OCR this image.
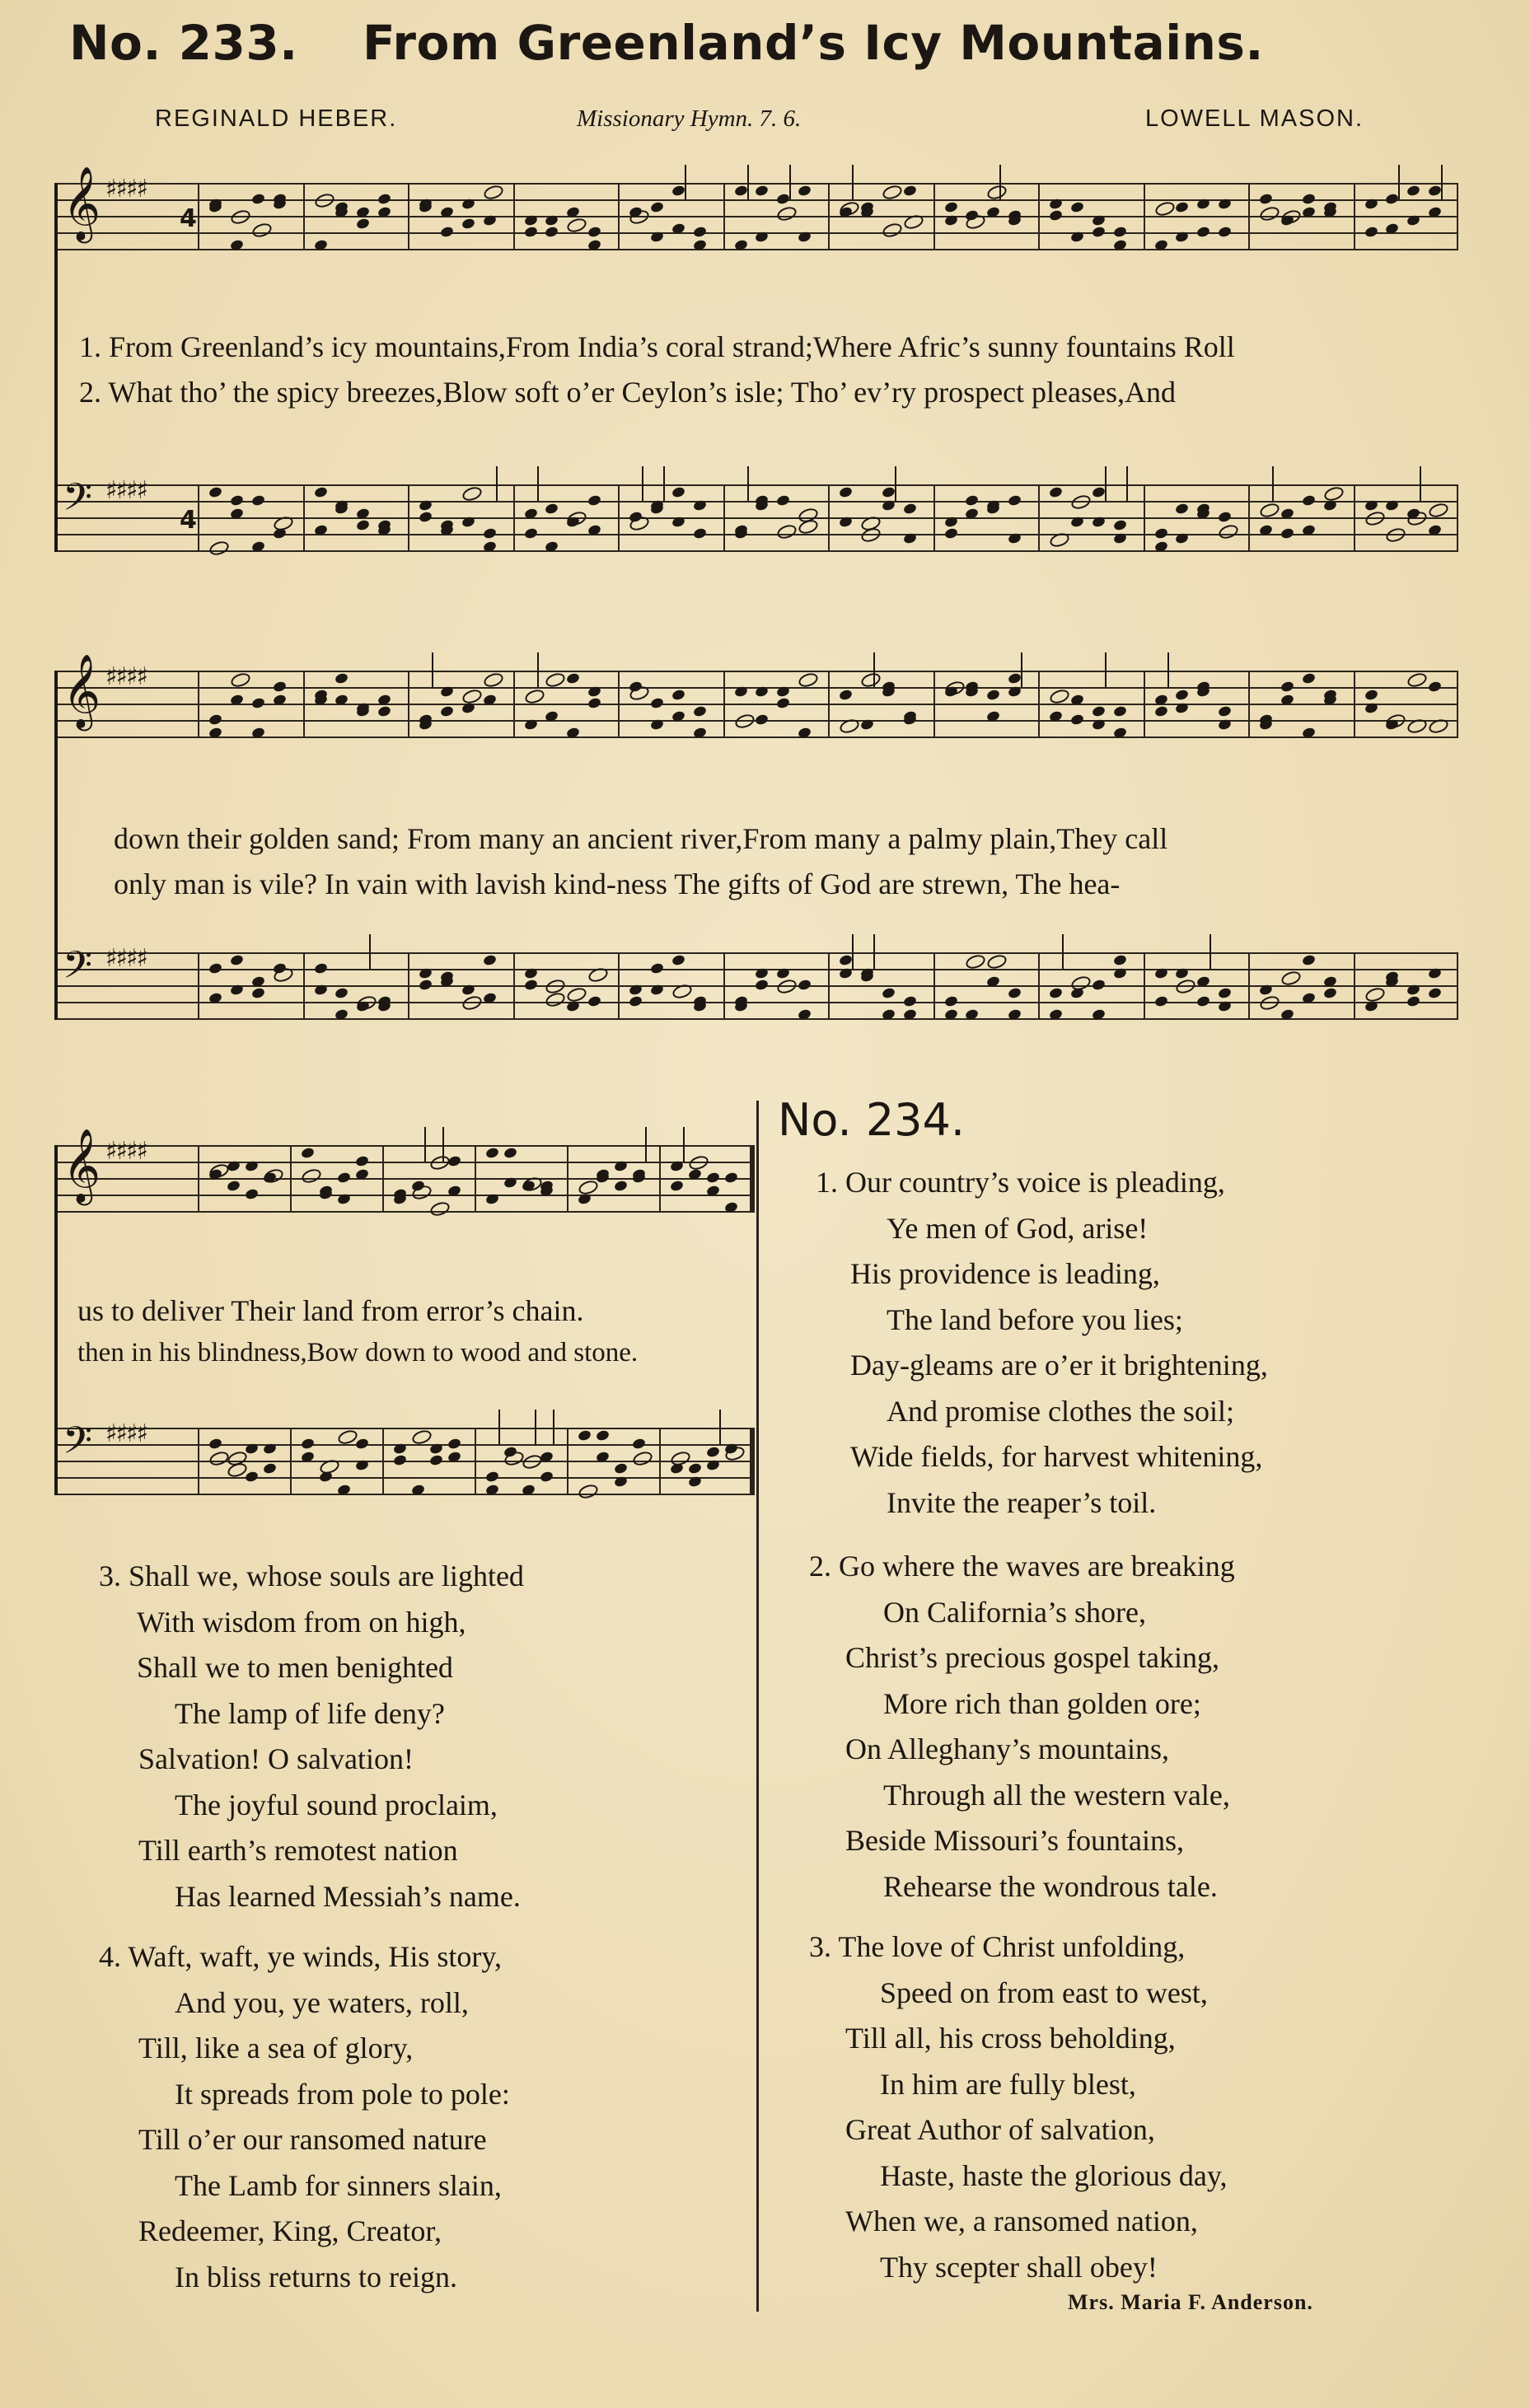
No. 233. From Greenland’s Icy Mountains.
REGINALD HEBER.	Missionary Hymn. 7. 6.	LOWELL MASON.
𝄞 ♯♯♯♯
4
𝄢 ♯♯♯♯
4
𝄞 ♯♯♯♯
𝄢 ♯♯♯♯
𝄞 ♯♯♯♯
𝄢 ♯♯♯♯
1. From Greenland’s icy mountains,From India’s coral strand;Where Afric’s sunny fountains Roll
2. What tho’ the spicy breezes,Blow soft o’er Ceylon’s isle; Tho’ ev’ry prospect pleases,And
down their golden sand; From many an ancient river,From many a palmy plain,They call
only man is vile? In vain with lavish kind-ness The gifts of God are strewn, The hea-
us to deliver Their land from error’s chain.
then in his blindness,Bow down to wood and stone.
3. Shall we, whose souls are lighted
With wisdom from on high,
Shall we to men benighted
The lamp of life deny?
Salvation! O salvation!
The joyful sound proclaim,
Till earth’s remotest nation
Has learned Messiah’s name.
4. Waft, waft, ye winds, His story,
And you, ye waters, roll,
Till, like a sea of glory,
It spreads from pole to pole:
Till o’er our ransomed nature
The Lamb for sinners slain,
Redeemer, King, Creator,
In bliss returns to reign.
No. 234.
1. Our country’s voice is pleading,
Ye men of God, arise!
His providence is leading,
The land before you lies;
Day-gleams are o’er it brightening,
And promise clothes the soil;
Wide fields, for harvest whitening,
Invite the reaper’s toil.
2. Go where the waves are breaking
On California’s shore,
Christ’s precious gospel taking,
More rich than golden ore;
On Alleghany’s mountains,
Through all the western vale,
Beside Missouri’s fountains,
Rehearse the wondrous tale.
3. The love of Christ unfolding,
Speed on from east to west,
Till all, his cross beholding,
In him are fully blest,
Great Author of salvation,
Haste, haste the glorious day,
When we, a ransomed nation,
Thy scepter shall obey!
Mrs. Maria F. Anderson.
